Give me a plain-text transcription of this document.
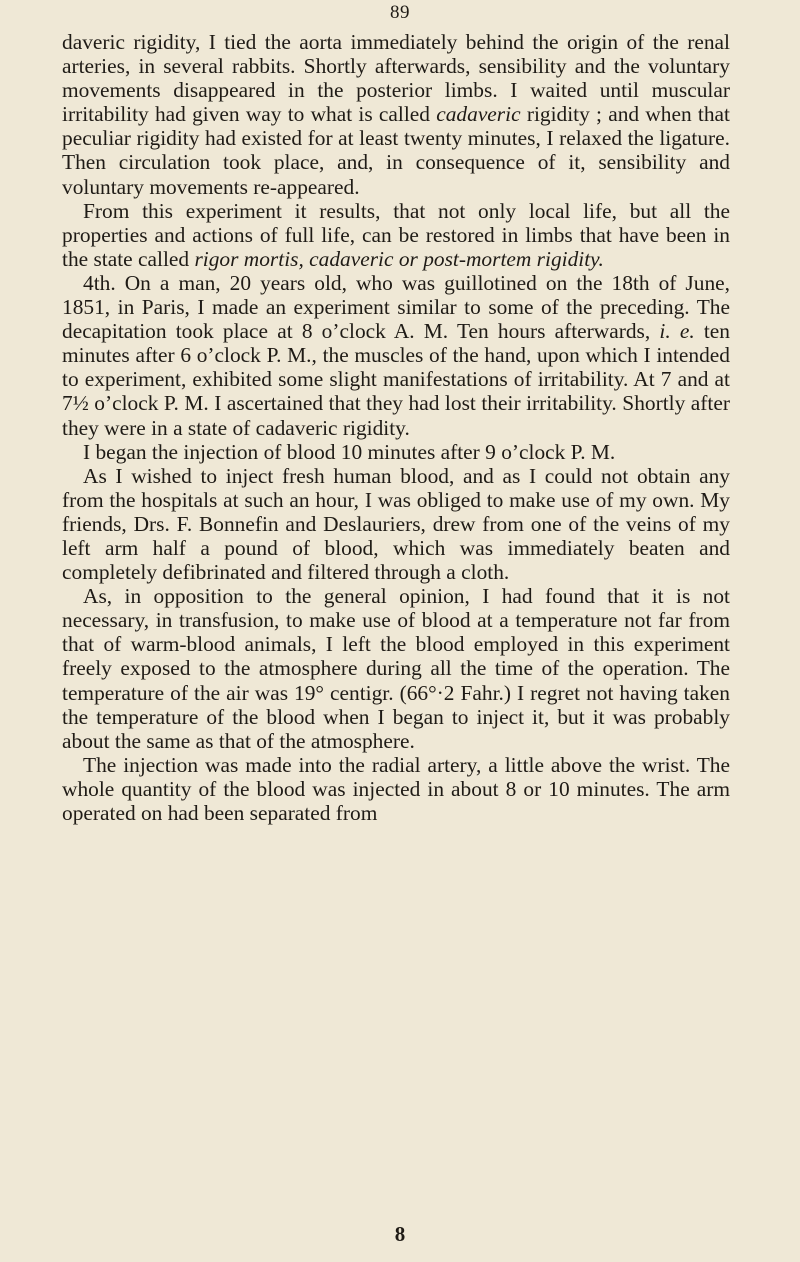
89

daveric rigidity, I tied the aorta immediately behind the origin of the renal arteries, in several rabbits. Shortly afterwards, sensibility and the voluntary movements disappeared in the posterior limbs. I waited until muscular irritability had given way to what is called cadaveric rigidity ; and when that peculiar rigidity had existed for at least twenty minutes, I relaxed the ligature. Then circulation took place, and, in consequence of it, sensibility and voluntary movements re-appeared.

From this experiment it results, that not only local life, but all the properties and actions of full life, can be restored in limbs that have been in the state called rigor mortis, cadaveric or post-mortem rigidity.

4th. On a man, 20 years old, who was guillotined on the 18th of June, 1851, in Paris, I made an experiment similar to some of the preceding. The decapitation took place at 8 o’clock A. M. Ten hours afterwards, i. e. ten minutes after 6 o’clock P. M., the muscles of the hand, upon which I intended to experiment, exhibited some slight manifestations of irritability. At 7 and at 7½ o’clock P. M. I ascertained that they had lost their irritability. Shortly after they were in a state of cadaveric rigidity.

I began the injection of blood 10 minutes after 9 o’clock P. M.

As I wished to inject fresh human blood, and as I could not obtain any from the hospitals at such an hour, I was obliged to make use of my own. My friends, Drs. F. Bonnefin and Deslauriers, drew from one of the veins of my left arm half a pound of blood, which was immediately beaten and completely defibrinated and filtered through a cloth.

As, in opposition to the general opinion, I had found that it is not necessary, in transfusion, to make use of blood at a temperature not far from that of warm-blood animals, I left the blood employed in this experiment freely exposed to the atmosphere during all the time of the operation. The temperature of the air was 19° centigr. (66°·2 Fahr.) I regret not having taken the temperature of the blood when I began to inject it, but it was probably about the same as that of the atmosphere.

The injection was made into the radial artery, a little above the wrist. The whole quantity of the blood was injected in about 8 or 10 minutes. The arm operated on had been separated from

8
